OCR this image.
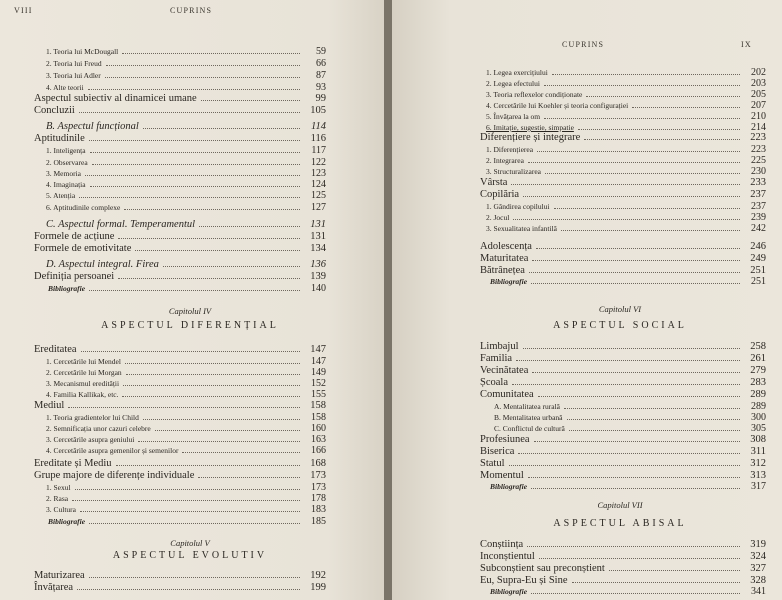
VIII	CUPRINS
CUPRINS	IX
1. Teoria lui McDougall	59
2. Teoria lui Freud	66
3. Teoria lui Adler	87
4. Alte teorii	93
Aspectul subiectiv al dinamicei umane	99
Concluzii	105
B. Aspectul funcțional	114
Aptitudinile	116
1. Inteligența	117
2. Observarea	122
3. Memoria	123
4. Imaginația	124
5. Atenția	125
6. Aptitudinile complexe	127
C. Aspectul formal. Temperamentul	131
Formele de acțiune	131
Formele de emotivitate	134
D. Aspectul integral. Firea	136
Definiția persoanei	139
Bibliografie	140
Capitolul IV
ASPECTUL DIFERENȚIAL
Ereditatea	147
1. Cercetările lui Mendel	147
2. Cercetările lui Morgan	149
3. Mecanismul eredității	152
4. Familia Kallikak, etc.	155
Mediul	158
1. Teoria gradientelor lui Child	158
2. Semnificația unor cazuri celebre	160
3. Cercetările asupra geniului	163
4. Cercetările asupra gemenilor și semenilor	166
Ereditate și Mediu	168
Grupe majore de diferențe individuale	173
1. Sexul	173
2. Rasa	178
3. Cultura	183
Bibliografie	185
Capitolul V
ASPECTUL EVOLUTIV
Maturizarea	192
Învățarea	199
1. Legea exercițiului	202
2. Legea efectului	203
3. Teoria reflexelor condiționate	205
4. Cercetările lui Koehler și teoria configurației	207
5. Învățarea la om	210
6. Imitație, sugestie, simpatie	214
Diferențiere și integrare	223
1. Diferențierea	223
2. Integrarea	225
3. Structuralizarea	230
Vârsta	233
Copilăria	237
1. Gândirea copilului	237
2. Jocul	239
3. Sexualitatea infantilă	242
Adolescența	246
Maturitatea	249
Bătrânețea	251
Bibliografie	251
Capitolul VI
ASPECTUL SOCIAL
Limbajul	258
Familia	261
Vecinătatea	279
Școala	283
Comunitatea	289
A. Mentalitatea rurală	289
B. Mentalitatea urbană	300
C. Conflictul de cultură	305
Profesiunea	308
Biserica	311
Statul	312
Momentul	313
Bibliografie	317
Capitolul VII
ASPECTUL ABISAL
Conștiința	319
Inconștientul	324
Subconștient sau preconștient	327
Eu, Supra-Eu și Sine	328
Bibliografie	341
